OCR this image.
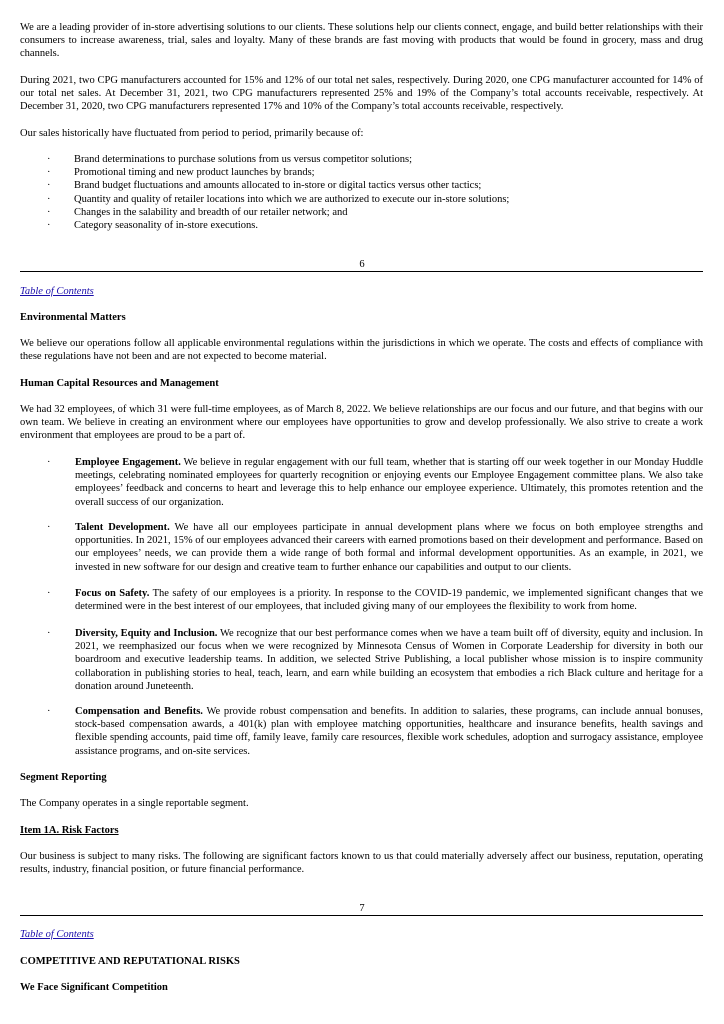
We are a leading provider of in-store advertising solutions to our clients. These solutions help our clients connect, engage, and build better relationships with their consumers to increase awareness, trial, sales and loyalty. Many of these brands are fast moving with products that would be found in grocery, mass and drug channels.

During 2021, two CPG manufacturers accounted for 15% and 12% of our total net sales, respectively. During 2020, one CPG manufacturer accounted for 14% of our total net sales. At December 31, 2021, two CPG manufacturers represented 25% and 19% of the Company’s total accounts receivable, respectively. At December 31, 2020, two CPG manufacturers represented 17% and 10% of the Company’s total accounts receivable, respectively.

Our sales historically have fluctuated from period to period, primarily because of:

· Brand determinations to purchase solutions from us versus competitor solutions;
· Promotional timing and new product launches by brands;
· Brand budget fluctuations and amounts allocated to in-store or digital tactics versus other tactics;
· Quantity and quality of retailer locations into which we are authorized to execute our in-store solutions;
· Changes in the salability and breadth of our retailer network; and
· Category seasonality of in-store executions.
6
Table of Contents

Environmental Matters

We believe our operations follow all applicable environmental regulations within the jurisdictions in which we operate. The costs and effects of compliance with these regulations have not been and are not expected to become material.

Human Capital Resources and Management

We had 32 employees, of which 31 were full-time employees, as of March 8, 2022. We believe relationships are our focus and our future, and that begins with our own team. We believe in creating an environment where our employees have opportunities to grow and develop professionally. We also strive to create a work environment that employees are proud to be a part of.

· Employee Engagement. We believe in regular engagement with our full team, whether that is starting off our week together in our Monday Huddle meetings, celebrating nominated employees for quarterly recognition or enjoying events our Employee Engagement committee plans. We also take employees’ feedback and concerns to heart and leverage this to help enhance our employee experience. Ultimately, this promotes retention and the overall success of our organization.
· Talent Development. We have all our employees participate in annual development plans where we focus on both employee strengths and opportunities. In 2021, 15% of our employees advanced their careers with earned promotions based on their development and performance. Based on our employees’ needs, we can provide them a wide range of both formal and informal development opportunities. As an example, in 2021, we invested in new software for our design and creative team to further enhance our capabilities and output to our clients.
· Focus on Safety. The safety of our employees is a priority. In response to the COVID-19 pandemic, we implemented significant changes that we determined were in the best interest of our employees, that included giving many of our employees the flexibility to work from home.
· Diversity, Equity and Inclusion. We recognize that our best performance comes when we have a team built off of diversity, equity and inclusion. In 2021, we reemphasized our focus when we were recognized by Minnesota Census of Women in Corporate Leadership for diversity in both our boardroom and executive leadership teams. In addition, we selected Strive Publishing, a local publisher whose mission is to inspire community collaboration in publishing stories to heal, teach, learn, and earn while building an ecosystem that embodies a rich Black culture and heritage for a donation around Juneteenth.
· Compensation and Benefits. We provide robust compensation and benefits. In addition to salaries, these programs, can include annual bonuses, stock-based compensation awards, a 401(k) plan with employee matching opportunities, healthcare and insurance benefits, health savings and flexible spending accounts, paid time off, family leave, family care resources, flexible work schedules, adoption and surrogacy assistance, employee assistance programs, and on-site services.

Segment Reporting

The Company operates in a single reportable segment.

Item 1A. Risk Factors

Our business is subject to many risks. The following are significant factors known to us that could materially adversely affect our business, reputation, operating results, industry, financial position, or future financial performance.

7
Table of Contents

COMPETITIVE AND REPUTATIONAL RISKS

We Face Significant Competition
